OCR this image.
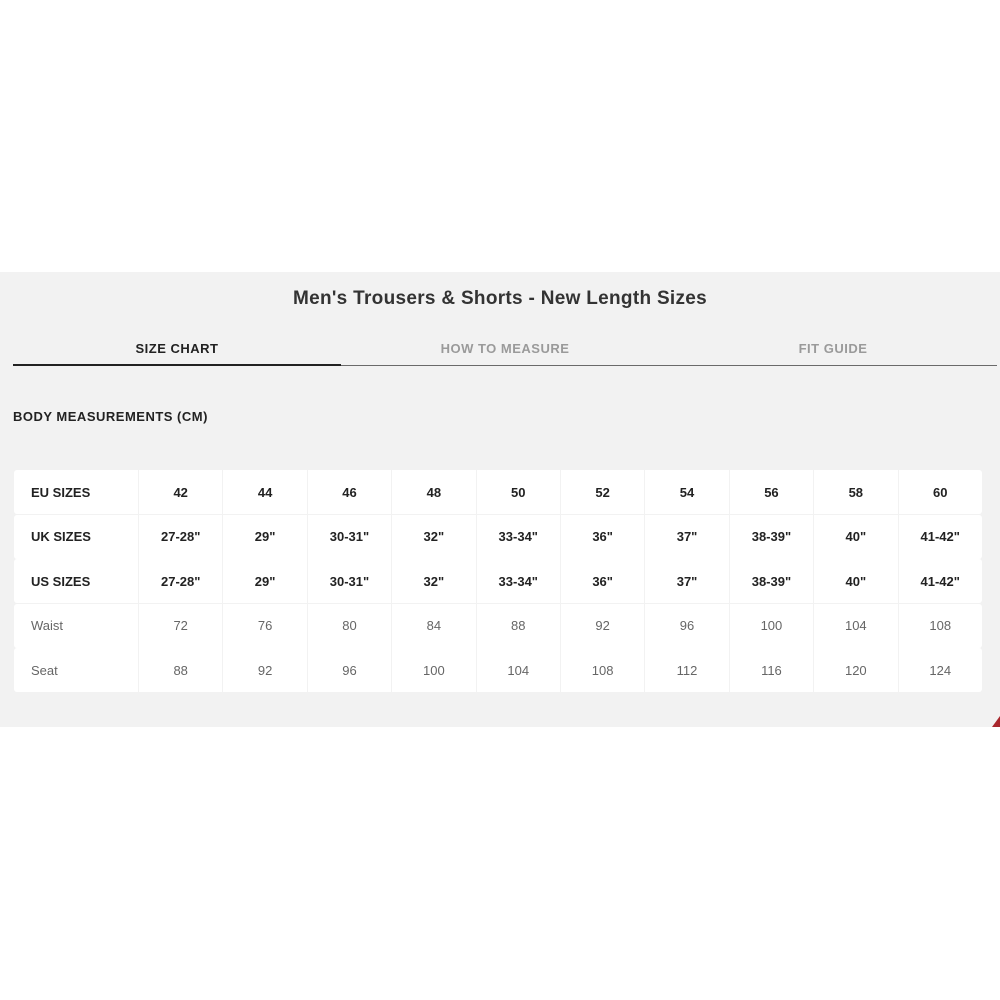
Men's Trousers & Shorts - New Length Sizes
SIZE CHART	HOW TO MEASURE	FIT GUIDE
BODY MEASUREMENTS (CM)
EU SIZES	42	44	46	48	50	52	54	56	58	60
UK SIZES	27-28"	29"	30-31"	32"	33-34"	36"	37"	38-39"	40"	41-42"
US SIZES	27-28"	29"	30-31"	32"	33-34"	36"	37"	38-39"	40"	41-42"
Waist	72	76	80	84	88	92	96	100	104	108
Seat	88	92	96	100	104	108	112	116	120	124
